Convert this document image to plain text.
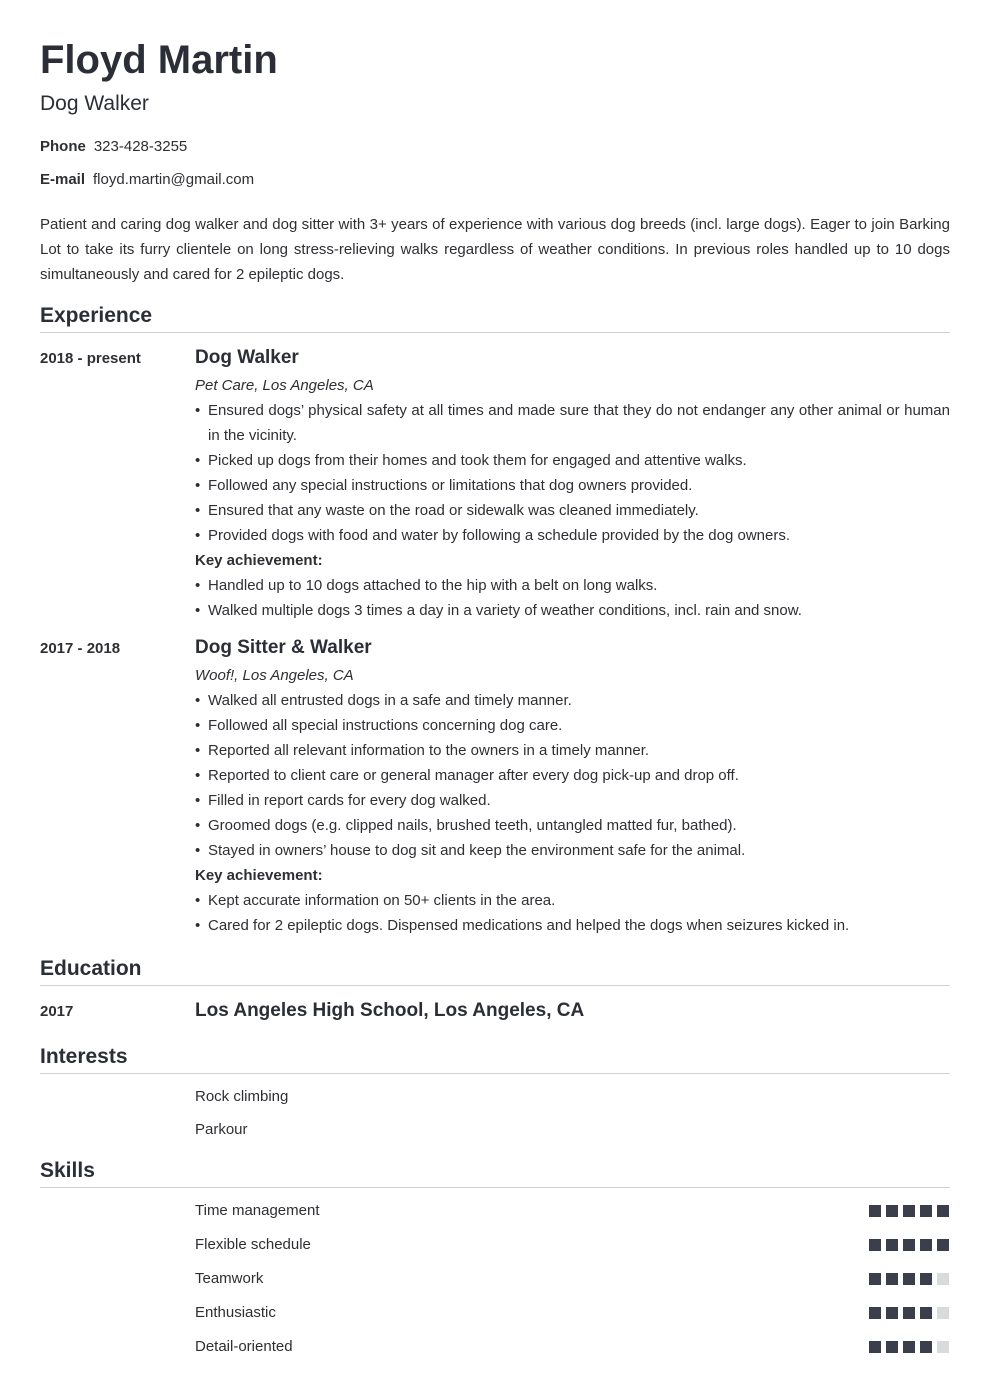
Floyd Martin
Dog Walker
Phone 323-428-3255
E-mail floyd.martin@gmail.com

Patient and caring dog walker and dog sitter with 3+ years of experience with various dog breeds (incl. large dogs). Eager to join Barking Lot to take its furry clientele on long stress-relieving walks regardless of weather conditions. In previous roles handled up to 10 dogs simultaneously and cared for 2 epileptic dogs.

Experience
2018 - present	Dog Walker
Pet Care, Los Angeles, CA
• Ensured dogs’ physical safety at all times and made sure that they do not endanger any other animal or human in the vicinity.
• Picked up dogs from their homes and took them for engaged and attentive walks.
• Followed any special instructions or limitations that dog owners provided.
• Ensured that any waste on the road or sidewalk was cleaned immediately.
• Provided dogs with food and water by following a schedule provided by the dog owners.
Key achievement:
• Handled up to 10 dogs attached to the hip with a belt on long walks.
• Walked multiple dogs 3 times a day in a variety of weather conditions, incl. rain and snow.
2017 - 2018	Dog Sitter & Walker
Woof!, Los Angeles, CA
• Walked all entrusted dogs in a safe and timely manner.
• Followed all special instructions concerning dog care.
• Reported all relevant information to the owners in a timely manner.
• Reported to client care or general manager after every dog pick-up and drop off.
• Filled in report cards for every dog walked.
• Groomed dogs (e.g. clipped nails, brushed teeth, untangled matted fur, bathed).
• Stayed in owners’ house to dog sit and keep the environment safe for the animal.
Key achievement:
• Kept accurate information on 50+ clients in the area.
• Cared for 2 epileptic dogs. Dispensed medications and helped the dogs when seizures kicked in.
Education
2017	Los Angeles High School, Los Angeles, CA
Interests
Rock climbing
Parkour
Skills
Time management
Flexible schedule
Teamwork
Enthusiastic
Detail-oriented
